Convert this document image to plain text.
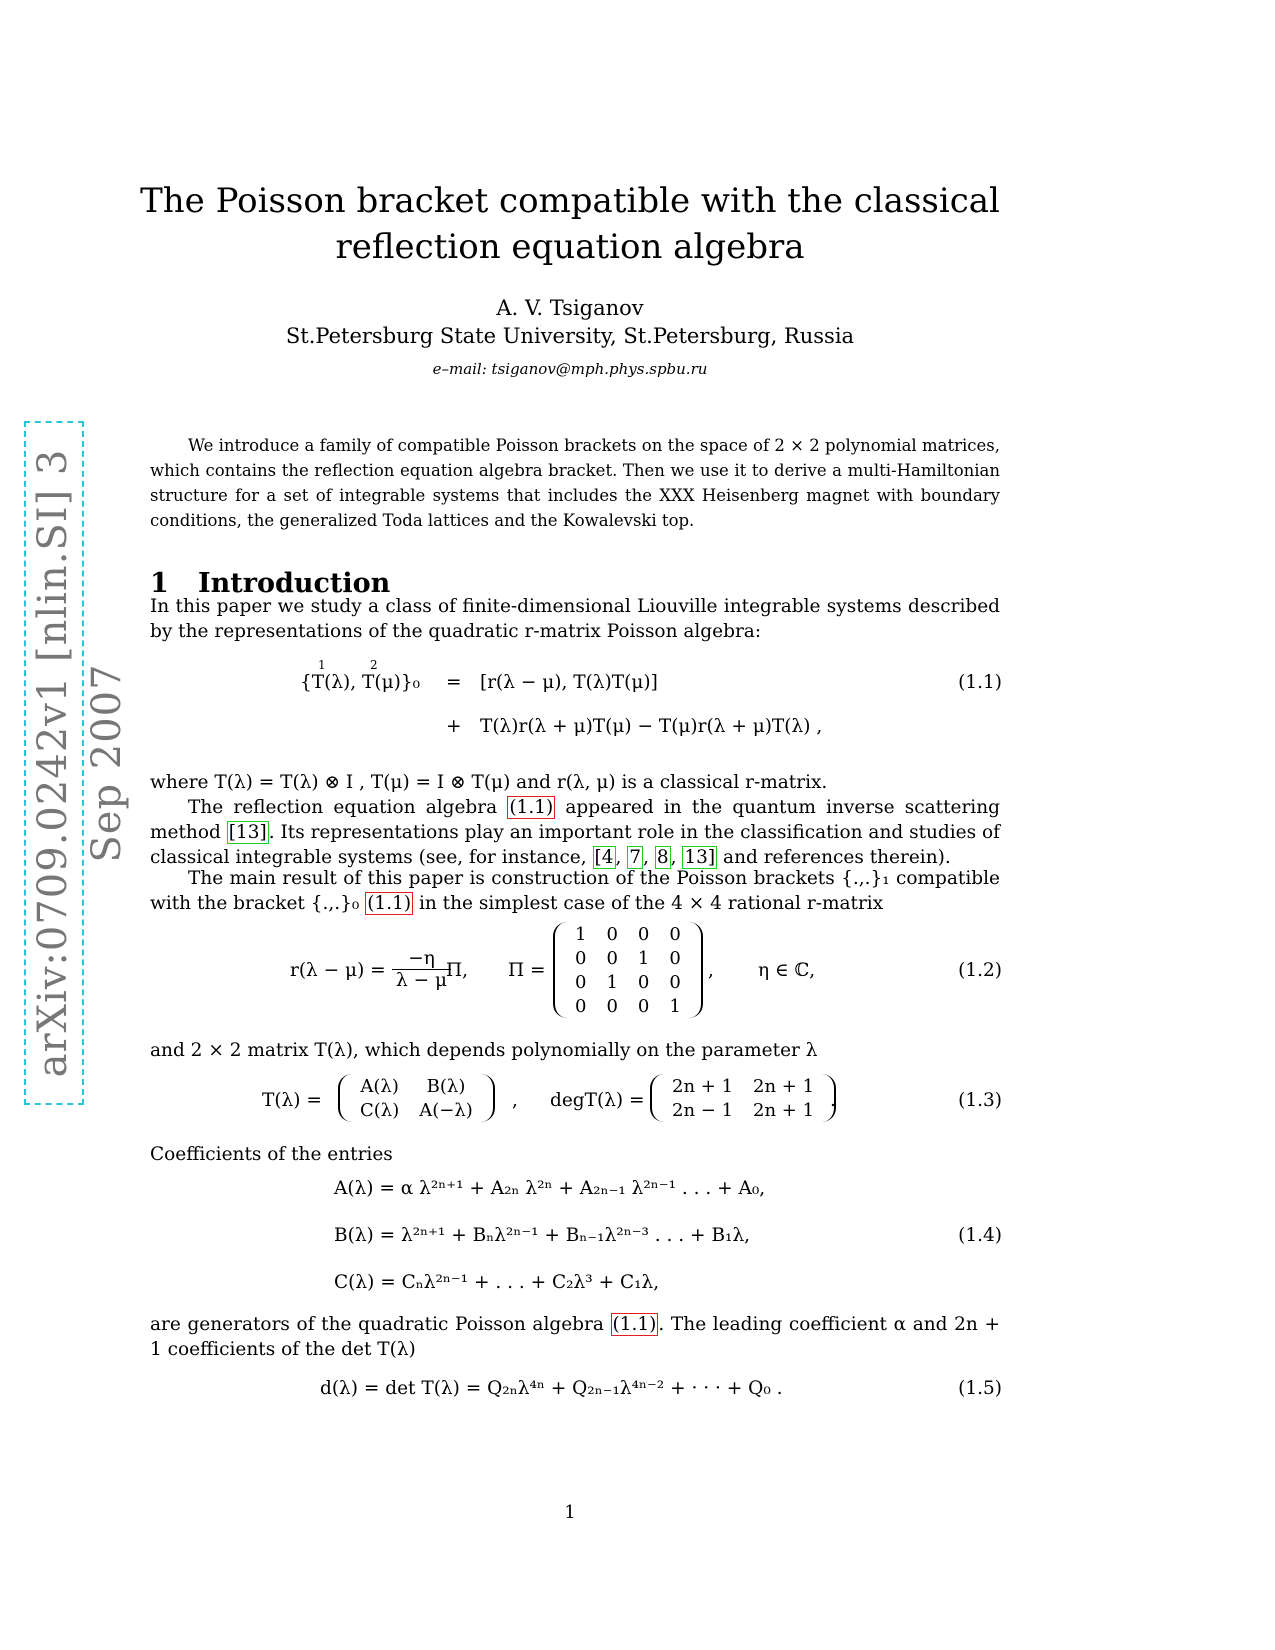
arXiv:0709.0242v1 [nlin.SI] 3 Sep 2007
The Poisson bracket compatible with the classical reflection equation algebra
A. V. Tsiganov
St.Petersburg State University, St.Petersburg, Russia
e–mail: tsiganov@mph.phys.spbu.ru
We introduce a family of compatible Poisson brackets on the space of 2 × 2 polynomial matrices, which contains the reflection equation algebra bracket. Then we use it to derive a multi-Hamiltonian structure for a set of integrable systems that includes the XXX Heisenberg magnet with boundary conditions, the generalized Toda lattices and the Kowalevski top.
1 Introduction
In this paper we study a class of finite-dimensional Liouville integrable systems described by the representations of the quadratic r-matrix Poisson algebra:
{T(λ), T(μ)}₀
1	2
= [r(λ − μ), T(λ)T(μ)]
+ T(λ)r(λ + μ)T(μ) − T(μ)r(λ + μ)T(λ) ,
(1.1)
where T(λ) = T(λ) ⊗ I , T(μ) = I ⊗ T(μ) and r(λ, μ) is a classical r-matrix.
The reflection equation algebra (1.1) appeared in the quantum inverse scattering method [13] . Its representations play an important role in the classification and studies of classical integrable systems (see, for instance, [4 , 7 , 8 , 13] and references therein).
The main result of this paper is construction of the Poisson brackets {.,.}₁ compatible with the bracket {.,.}₀ (1.1) in the simplest case of the 4 × 4 rational r-matrix
$r(\lambda - \mu) = \frac{-\eta}{\lambda - \mu}$
Π, Π =
1	0	0	0
0	0	1	0
0	1	0	0
0	0	0	1
, η ∈ ℂ,	(1.2)
and 2 × 2 matrix T(λ), which depends polynomially on the parameter λ
T(λ) =
A(λ)	B(λ)
C(λ)	A(−λ) , degT(λ) =
2n + 1	2n + 1
2n − 1	2n + 1 .	(1.3)
Coefficients of the entries
A(λ) = α λ²ⁿ⁺¹ + A₂ₙ λ²ⁿ + A₂ₙ₋₁ λ²ⁿ⁻¹ . . . + A₀,
B(λ) = λ²ⁿ⁺¹ + Bₙλ²ⁿ⁻¹ + Bₙ₋₁λ²ⁿ⁻³ . . . + B₁λ,
C(λ) = Cₙλ²ⁿ⁻¹ + . . . + C₂λ³ + C₁λ,
(1.4)
are generators of the quadratic Poisson algebra (1.1) . The leading coefficient α and 2n + 1 coefficients of the det T(λ)
d(λ) = det T(λ) = Q₂ₙλ⁴ⁿ + Q₂ₙ₋₁λ⁴ⁿ⁻² + · · · + Q₀ .	(1.5)
1
